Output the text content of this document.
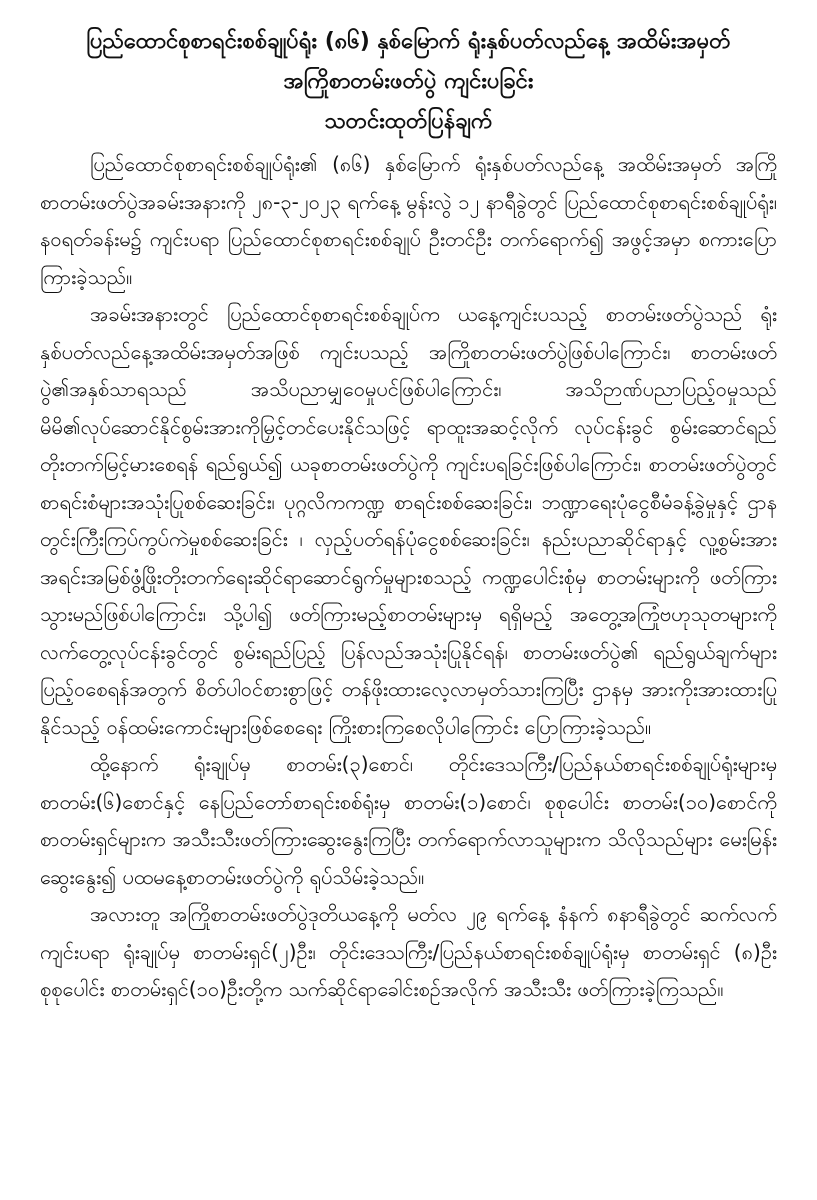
ပြည်ထောင်စုစာရင်းစစ်ချုပ်ရုံး (၈၆) နှစ်မြောက် ရုံးနှစ်ပတ်လည်နေ့ အထိမ်းအမှတ်
အကြိုစာတမ်းဖတ်ပွဲ ကျင်းပခြင်း
သတင်းထုတ်ပြန်ချက်

ပြည်ထောင်စုစာရင်းစစ်ချုပ်ရုံး၏ (၈၆) နှစ်မြောက် ရုံးနှစ်ပတ်လည်နေ့ အထိမ်းအမှတ် အကြိုစာတမ်းဖတ်ပွဲအခမ်းအနားကို ၂၈-၃-၂၀၂၃ ရက်နေ့ မွန်းလွဲ ၁၂ နာရီခွဲတွင် ပြည်ထောင်စုစာရင်းစစ်ချုပ်ရုံး၊ နဝရတ်ခန်းမ၌ ကျင်းပရာ ပြည်ထောင်စုစာရင်းစစ်ချုပ် ဦးတင်ဦး တက်ရောက်၍ အဖွင့်အမှာ စကားပြောကြားခဲ့သည်။

အခမ်းအနားတွင် ပြည်ထောင်စုစာရင်းစစ်ချုပ်က ယနေ့ကျင်းပသည့် စာတမ်းဖတ်ပွဲသည် ရုံးနှစ်ပတ်လည်နေ့အထိမ်းအမှတ်အဖြစ် ကျင်းပသည့် အကြိုစာတမ်းဖတ်ပွဲဖြစ်ပါကြောင်း၊ စာတမ်းဖတ်ပွဲ၏အနှစ်သာရသည် အသိပညာမျှဝေမှုပင်ဖြစ်ပါကြောင်း၊ အသိဉာဏ်ပညာပြည့်ဝမှုသည် မိမိ၏လုပ်ဆောင်နိုင်စွမ်းအားကိုမြှင့်တင်ပေးနိုင်သဖြင့် ရာထူးအဆင့်လိုက် လုပ်ငန်းခွင် စွမ်းဆောင်ရည်တိုးတက်မြင့်မားစေရန် ရည်ရွယ်၍ ယခုစာတမ်းဖတ်ပွဲကို ကျင်းပရခြင်းဖြစ်ပါကြောင်း၊ စာတမ်းဖတ်ပွဲတွင် စာရင်းစံများအသုံးပြုစစ်ဆေးခြင်း၊ ပုဂ္ဂလိကကဏ္ဍ စာရင်းစစ်ဆေးခြင်း၊ ဘဏ္ဍာရေးပုံငွေစီမံခန့်ခွဲမှုနှင့် ဌာနတွင်းကြီးကြပ်ကွပ်ကဲမှုစစ်ဆေးခြင်း ၊ လှည့်ပတ်ရန်ပုံငွေစစ်ဆေးခြင်း၊ နည်းပညာဆိုင်ရာနှင့် လူ့စွမ်းအားအရင်းအမြစ်ဖွံ့ဖြိုးတိုးတက်ရေးဆိုင်ရာဆောင်ရွက်မှုများစသည့် ကဏ္ဍပေါင်းစုံမှ စာတမ်းများကို ဖတ်ကြားသွားမည်ဖြစ်ပါကြောင်း၊ သို့ပါ၍ ဖတ်ကြားမည့်စာတမ်းများမှ ရရှိမည့် အတွေ့အကြုံဗဟုသုတများကို လက်တွေ့လုပ်ငန်းခွင်တွင် စွမ်းရည်ပြည့် ပြန်လည်အသုံးပြုနိုင်ရန်၊ စာတမ်းဖတ်ပွဲ၏ ရည်ရွယ်ချက်များ ပြည့်ဝစေရန်အတွက် စိတ်ပါဝင်စားစွာဖြင့် တန်ဖိုးထားလေ့လာမှတ်သားကြပြီး ဌာနမှ အားကိုးအားထားပြုနိုင်သည့် ဝန်ထမ်းကောင်းများဖြစ်စေရေး ကြိုးစားကြစေလိုပါကြောင်း ပြောကြားခဲ့သည်။

ထို့နောက် ရုံးချုပ်မှ စာတမ်း(၃)စောင်၊ တိုင်းဒေသကြီး/ပြည်နယ်စာရင်းစစ်ချုပ်ရုံးများမှ စာတမ်း(၆)စောင်နှင့် နေပြည်တော်စာရင်းစစ်ရုံးမှ စာတမ်း(၁)စောင်၊ စုစုပေါင်း စာတမ်း(၁၀)စောင်ကို စာတမ်းရှင်များက အသီးသီးဖတ်ကြားဆွေးနွေးကြပြီး တက်ရောက်လာသူများက သိလိုသည်များ မေးမြန်းဆွေးနွေး၍ ပထမနေ့စာတမ်းဖတ်ပွဲကို ရုပ်သိမ်းခဲ့သည်။

အလားတူ အကြိုစာတမ်းဖတ်ပွဲဒုတိယနေ့ကို မတ်လ ၂၉ ရက်နေ့ နံနက် ၈နာရီခွဲတွင် ဆက်လက်ကျင်းပရာ ရုံးချုပ်မှ စာတမ်းရှင်(၂)ဦး၊ တိုင်းဒေသကြီး/ပြည်နယ်စာရင်းစစ်ချုပ်ရုံးမှ စာတမ်းရှင် (၈)ဦး စုစုပေါင်း စာတမ်းရှင်(၁၀)ဦးတို့က သက်ဆိုင်ရာခေါင်းစဉ်အလိုက် အသီးသီး ဖတ်ကြားခဲ့ကြသည်။
